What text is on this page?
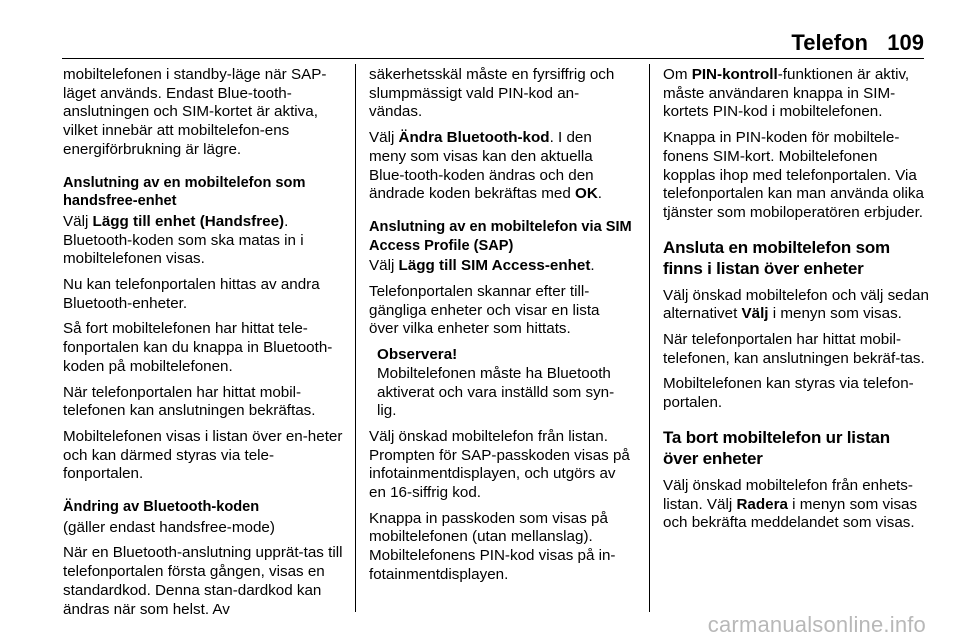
Telefon 109

mobiltelefonen i standby-läge när SAP-läget används. Endast Blue-tooth-anslutningen och SIM-kortet är aktiva, vilket innebär att mobiltelefon-ens energiförbrukning är lägre.

Anslutning av en mobiltelefon som handsfree-enhet

Välj Lägg till enhet (Handsfree). Bluetooth-koden som ska matas in i mobiltelefonen visas.

Nu kan telefonportalen hittas av andra Bluetooth-enheter.

Så fort mobiltelefonen har hittat tele-fonportalen kan du knappa in Bluetooth-koden på mobiltelefonen.

När telefonportalen har hittat mobil-telefonen kan anslutningen bekräftas.

Mobiltelefonen visas i listan över en-heter och kan därmed styras via tele-fonportalen.

Ändring av Bluetooth-koden

(gäller endast handsfree-mode)

När en Bluetooth-anslutning upprät-tas till telefonportalen första gången, visas en standardkod. Denna stan-dardkod kan ändras när som helst. Av

säkerhetsskäl måste en fyrsiffrig och slumpmässigt vald PIN-kod an-vändas.

Välj Ändra Bluetooth-kod. I den meny som visas kan den aktuella Blue-tooth-koden ändras och den ändrade koden bekräftas med OK.

Anslutning av en mobiltelefon via SIM Access Profile (SAP)

Välj Lägg till SIM Access-enhet.

Telefonportalen skannar efter till-gängliga enheter och visar en lista över vilka enheter som hittats.

Observera!
Mobiltelefonen måste ha Bluetooth aktiverat och vara inställd som syn-lig.

Välj önskad mobiltelefon från listan. Prompten för SAP-passkoden visas på infotainmentdisplayen, och utgörs av en 16-siffrig kod.

Knappa in passkoden som visas på mobiltelefonen (utan mellanslag). Mobiltelefonens PIN-kod visas på in-fotainmentdisplayen.

Om PIN-kontroll-funktionen är aktiv, måste användaren knappa in SIM-kortets PIN-kod i mobiltelefonen.

Knappa in PIN-koden för mobiltele-fonens SIM-kort. Mobiltelefonen kopplas ihop med telefonportalen. Via telefonportalen kan man använda olika tjänster som mobiloperatören erbjuder.

Ansluta en mobiltelefon som finns i listan över enheter

Välj önskad mobiltelefon och välj sedan alternativet Välj i menyn som visas.

När telefonportalen har hittat mobil-telefonen, kan anslutningen bekräf-tas.

Mobiltelefonen kan styras via telefon-portalen.

Ta bort mobiltelefon ur listan över enheter

Välj önskad mobiltelefon från enhets-listan. Välj Radera i menyn som visas och bekräfta meddelandet som visas.

carmanualsonline.info
